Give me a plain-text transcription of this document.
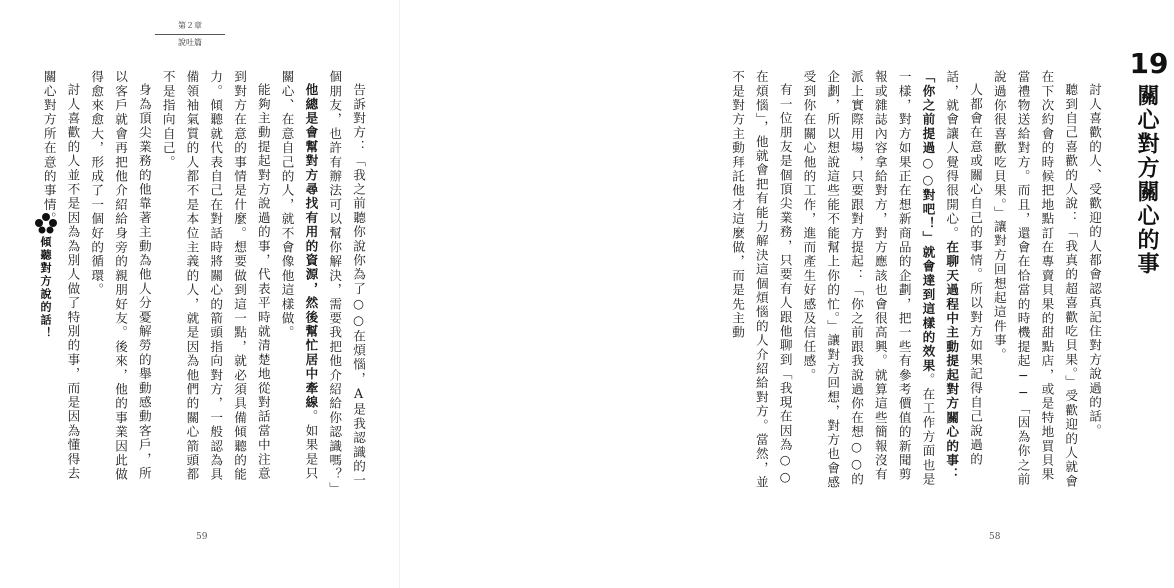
第２章
說吐篇
傾聽對方說的話！	告訴對方：「我之前聽你說你為了○○在煩惱，A是我認識的一個朋友，也許有辦法可以幫你解決，需要我把他介紹給你認識嗎？」

他總是會幫對方尋找有用的資源，然後幫忙居中牽線。如果是只關心、在意自己的人，就不會像他這樣做。

能夠主動提起對方說過的事，代表平時就清楚地從對話當中注意到對方在意的事情是什麼。想要做到這一點，就必須具備傾聽的能力。傾聽就代表自己在對話時將關心的箭頭指向對方，一般認為具備領袖氣質的人都不是本位主義的人，就是因為他們的關心箭頭都不是指向自己。

身為頂尖業務的他靠著主動為他人分憂解勞的舉動感動客戶，所以客戶就會再把他介紹給身旁的親朋好友。後來，他的事業因此做得愈來愈大，形成了一個好的循環。

討人喜歡的人並不是因為為別人做了特別的事，而是因為懂得去關心對方所在意的事情。

59
19
關心對方關心的事

討人喜歡的人、受歡迎的人都會認真記住對方說過的話。

聽到自己喜歡的人說：「我真的超喜歡吃貝果。」受歡迎的人就會在下次約會的時候把地點訂在專賣貝果的甜點店，或是特地買貝果當禮物送給對方。而且，還會在恰當的時機提起──「因為你之前說過你很喜歡吃貝果。」讓對方回想起這件事。

人都會在意或關心自己的事情。所以對方如果記得自己說過的話，就會讓人覺得很開心。在聊天過程中主動提起對方關心的事：「你之前提過○○對吧！」就會達到這樣的效果。在工作方面也是一樣，對方如果正在想新商品的企劃，把一些有參考價值的新聞剪報或雜誌內容拿給對方，對方應該也會很高興。就算這些簡報沒有派上實際用場，只要跟對方提起：「你之前跟我說過你在想○○的企劃，所以想說這些能不能幫上你的忙。」讓對方回想，對方也會感受到你在關心他的工作，進而產生好感及信任感。

有一位朋友是個頂尖業務，只要有人跟他聊到「我現在因為○○在煩惱」，他就會把有能力解決這個煩惱的人介紹給對方。當然，並不是對方主動拜託他才這麼做，而是先主動

58
